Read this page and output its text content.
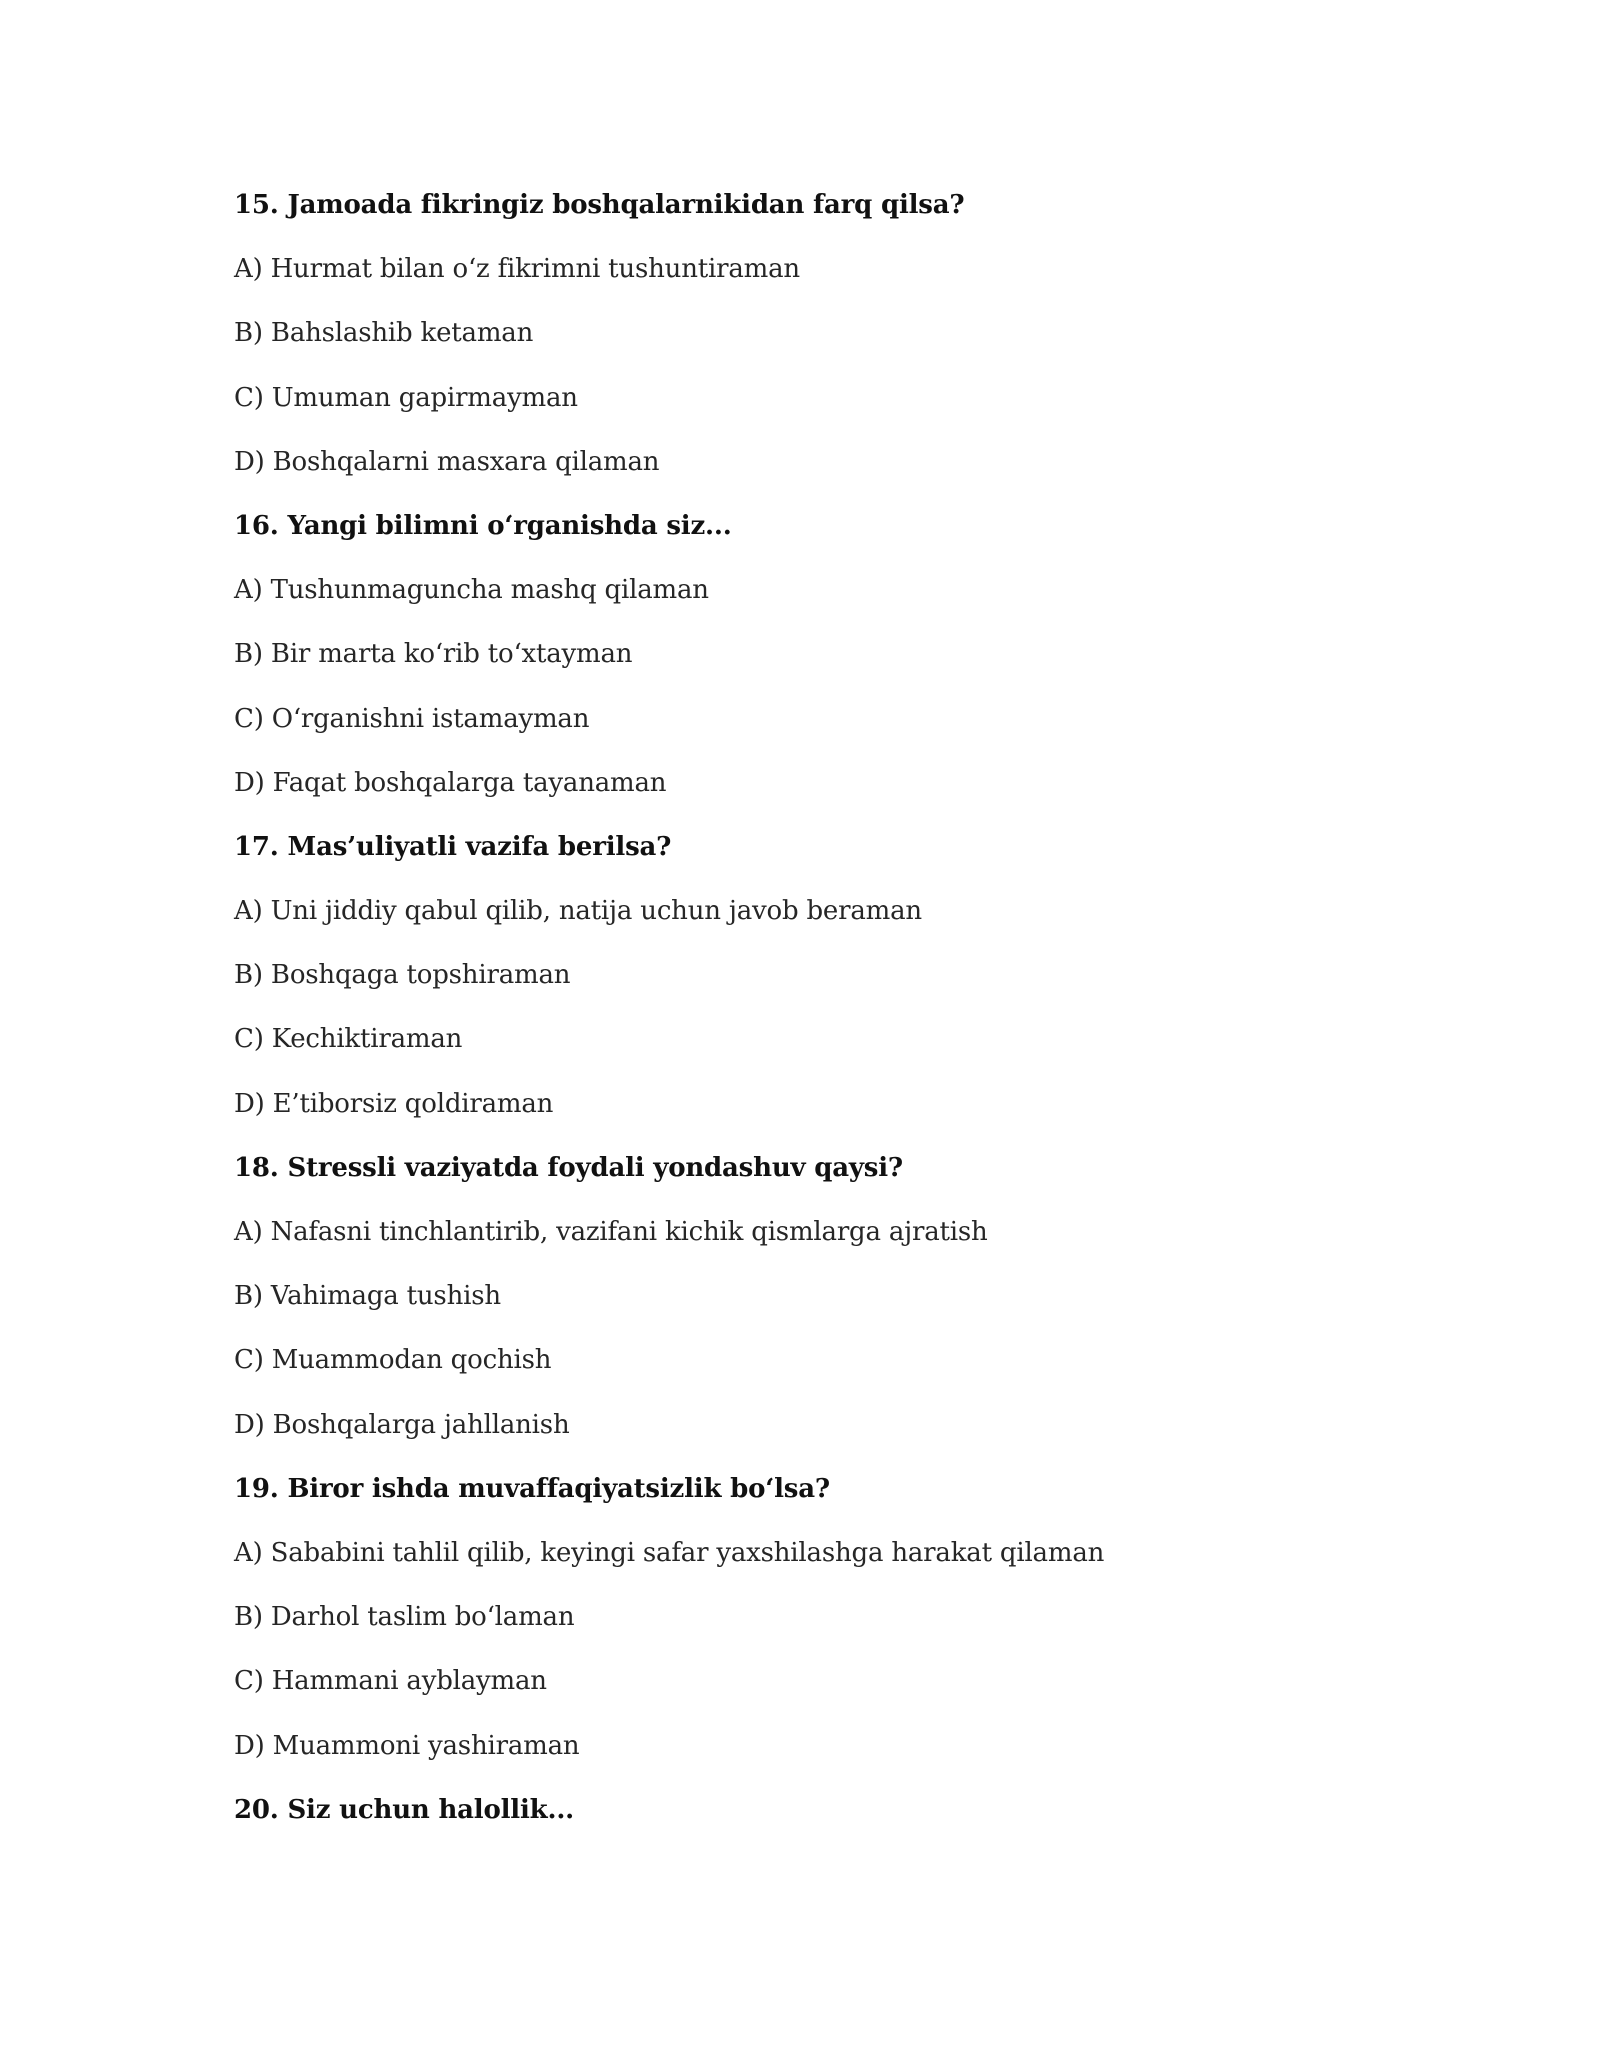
15. Jamoada fikringiz boshqalarnikidan farq qilsa?
A) Hurmat bilan o‘z fikrimni tushuntiraman
B) Bahslashib ketaman
C) Umuman gapirmayman
D) Boshqalarni masxara qilaman
16. Yangi bilimni o‘rganishda siz...
A) Tushunmaguncha mashq qilaman
B) Bir marta ko‘rib to‘xtayman
C) O‘rganishni istamayman
D) Faqat boshqalarga tayanaman
17. Mas’uliyatli vazifa berilsa?
A) Uni jiddiy qabul qilib, natija uchun javob beraman
B) Boshqaga topshiraman
C) Kechiktiraman
D) E’tiborsiz qoldiraman
18. Stressli vaziyatda foydali yondashuv qaysi?
A) Nafasni tinchlantirib, vazifani kichik qismlarga ajratish
B) Vahimaga tushish
C) Muammodan qochish
D) Boshqalarga jahllanish
19. Biror ishda muvaffaqiyatsizlik bo‘lsa?
A) Sababini tahlil qilib, keyingi safar yaxshilashga harakat qilaman
B) Darhol taslim bo‘laman
C) Hammani ayblayman
D) Muammoni yashiraman
20. Siz uchun halollik...
